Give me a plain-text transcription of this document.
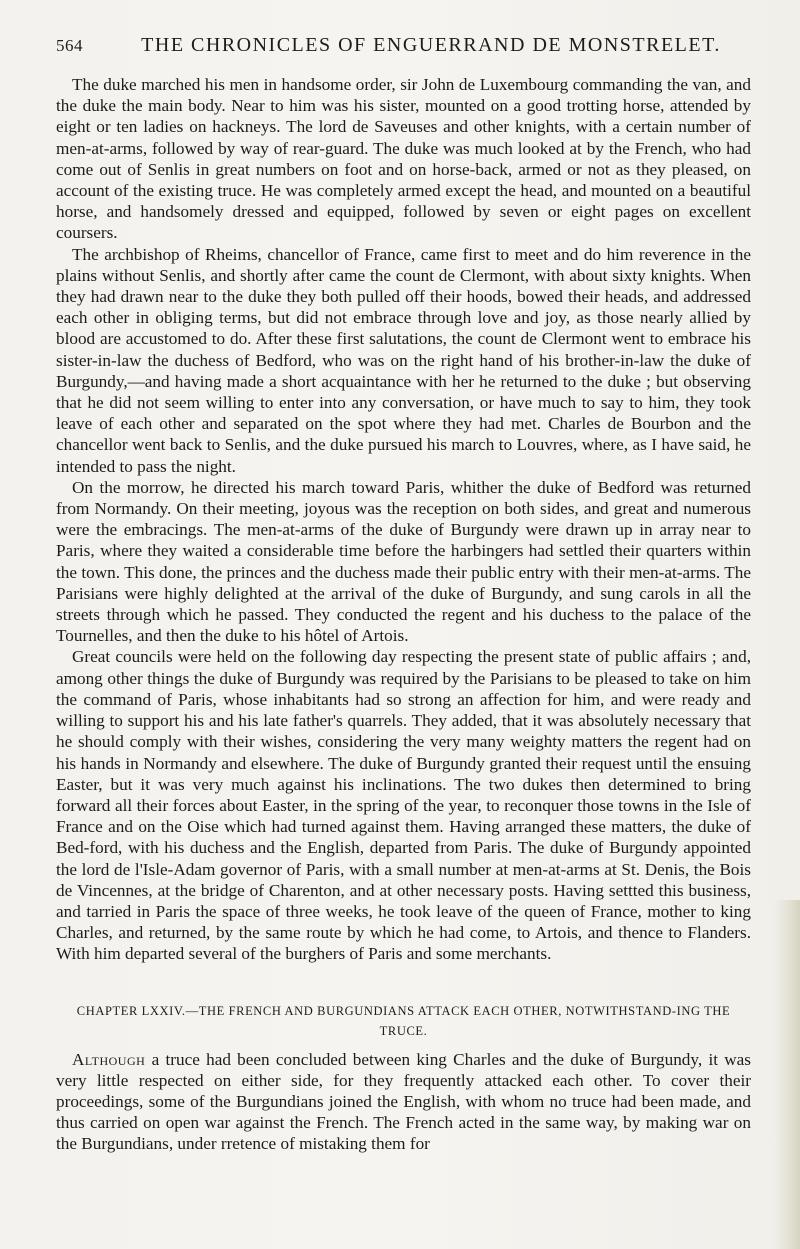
564	THE CHRONICLES OF ENGUERRAND DE MONSTRELET.

The duke marched his men in handsome order, sir John de Luxembourg commanding the van, and the duke the main body. Near to him was his sister, mounted on a good trotting horse, attended by eight or ten ladies on hackneys. The lord de Saveuses and other knights, with a certain number of men-at-arms, followed by way of rear-guard. The duke was much looked at by the French, who had come out of Senlis in great numbers on foot and on horse-back, armed or not as they pleased, on account of the existing truce. He was completely armed except the head, and mounted on a beautiful horse, and handsomely dressed and equipped, followed by seven or eight pages on excellent coursers.

The archbishop of Rheims, chancellor of France, came first to meet and do him reverence in the plains without Senlis, and shortly after came the count de Clermont, with about sixty knights. When they had drawn near to the duke they both pulled off their hoods, bowed their heads, and addressed each other in obliging terms, but did not embrace through love and joy, as those nearly allied by blood are accustomed to do. After these first salutations, the count de Clermont went to embrace his sister-in-law the duchess of Bedford, who was on the right hand of his brother-in-law the duke of Burgundy,—and having made a short acquaintance with her he returned to the duke ; but observing that he did not seem willing to enter into any conversation, or have much to say to him, they took leave of each other and separated on the spot where they had met. Charles de Bourbon and the chancellor went back to Senlis, and the duke pursued his march to Louvres, where, as I have said, he intended to pass the night.

On the morrow, he directed his march toward Paris, whither the duke of Bedford was returned from Normandy. On their meeting, joyous was the reception on both sides, and great and numerous were the embracings. The men-at-arms of the duke of Burgundy were drawn up in array near to Paris, where they waited a considerable time before the harbingers had settled their quarters within the town. This done, the princes and the duchess made their public entry with their men-at-arms. The Parisians were highly delighted at the arrival of the duke of Burgundy, and sung carols in all the streets through which he passed. They conducted the regent and his duchess to the palace of the Tournelles, and then the duke to his hôtel of Artois.

Great councils were held on the following day respecting the present state of public affairs ; and, among other things the duke of Burgundy was required by the Parisians to be pleased to take on him the command of Paris, whose inhabitants had so strong an affection for him, and were ready and willing to support his and his late father's quarrels. They added, that it was absolutely necessary that he should comply with their wishes, considering the very many weighty matters the regent had on his hands in Normandy and elsewhere. The duke of Burgundy granted their request until the ensuing Easter, but it was very much against his inclinations. The two dukes then determined to bring forward all their forces about Easter, in the spring of the year, to reconquer those towns in the Isle of France and on the Oise which had turned against them. Having arranged these matters, the duke of Bed-ford, with his duchess and the English, departed from Paris. The duke of Burgundy appointed the lord de l'Isle-Adam governor of Paris, with a small number at men-at-arms at St. Denis, the Bois de Vincennes, at the bridge of Charenton, and at other necessary posts. Having settted this business, and tarried in Paris the space of three weeks, he took leave of the queen of France, mother to king Charles, and returned, by the same route by which he had come, to Artois, and thence to Flanders. With him departed several of the burghers of Paris and some merchants.

CHAPTER LXXIV.—THE FRENCH AND BURGUNDIANS ATTACK EACH OTHER, NOTWITHSTAND-ING THE TRUCE.

Although a truce had been concluded between king Charles and the duke of Burgundy, it was very little respected on either side, for they frequently attacked each other. To cover their proceedings, some of the Burgundians joined the English, with whom no truce had been made, and thus carried on open war against the French. The French acted in the same way, by making war on the Burgundians, under rretence of mistaking them for
